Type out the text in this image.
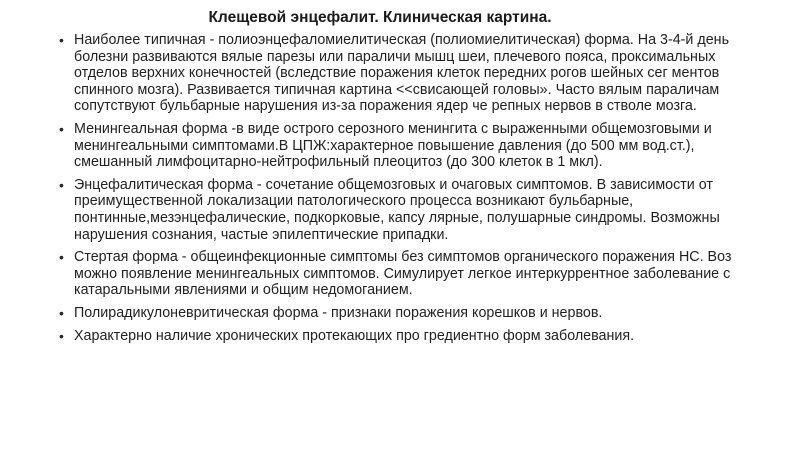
Клещевой энцефалит. Клиническая картина.
• Наиболее типичная - полиоэнцефаломиелитическая (полиомиелитическая) форма. На 3-4-й день болезни развиваются вялые парезы или параличи мышц шеи, плечевого пояса, проксимальных отделов верхних конечностей (вследствие поражения клеток передних рогов шейных сег ментов спинного мозга). Развивается типичная картина <<свисающей головы». Часто вялым параличам сопутствуют бульбарные нарушения из-за поражения ядер че репных нервов в стволе мозга.
• Менингеальная форма -в виде острого серозного менингита с выраженными общемозговыми и менингеальными симптомами.В ЦПЖ:характерное повышение давления (до 500 мм вод.ст.), смешанный лимфоцитарно-нейтрофильный плеоцитоз (до 300 клеток в 1 мкл).
• Энцефалитическая форма - сочетание общемозговых и очаговых симптомов. В зависимости от преимущественной локализации патологического процесса возникают бульбарные, понтинные,мезэнцефалические, подкорковые, капсу лярные, полушарные синдромы. Возможны нарушения сознания, частые эпилептические припадки.
• Стертая форма - общеинфекционные симптомы без симптомов органического поражения НС. Воз можно появление менингеальных симптомов. Симулирует легкое интеркуррентное заболевание с катаральными явлениями и общим недомоганием.
• Полирадикулоневритическая форма - признаки поражения корешков и нервов.
• Характерно наличие хронических протекающих про гредиентно форм заболевания.
